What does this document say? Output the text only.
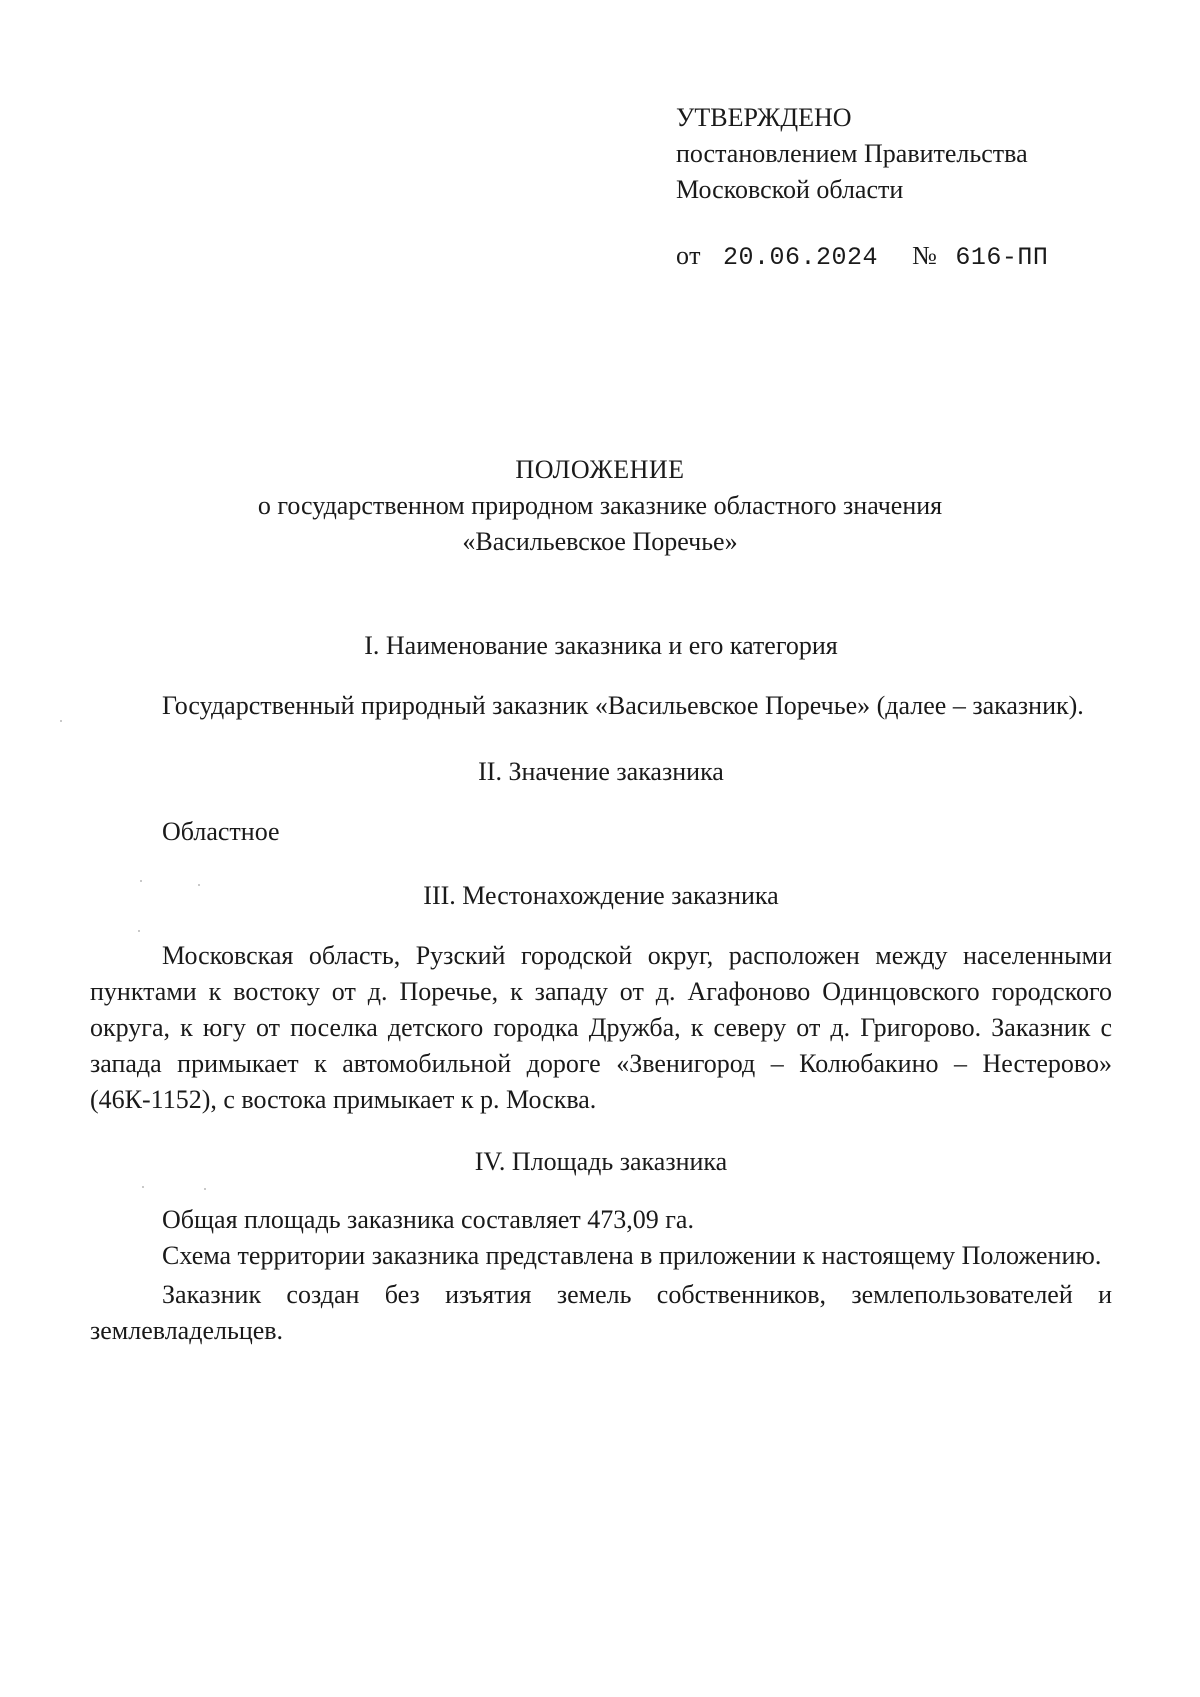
УТВЕРЖДЕНО
постановлением Правительства
Московской области
от 20.06.2024 № 616-ПП
ПОЛОЖЕНИЕ
о государственном природном заказнике областного значения
«Васильевское Поречье»
I. Наименование заказника и его категория

Государственный природный заказник «Васильевское Поречье» (далее – заказник).

II. Значение заказника

Областное

III. Местонахождение заказника

Московская область, Рузский городской округ, расположен между населенными пунктами к востоку от д. Поречье, к западу от д. Агафоново Одинцовского городского округа, к югу от поселка детского городка Дружба, к северу от д. Григорово. Заказник с запада примыкает к автомобильной дороге «Звенигород – Колюбакино – Нестерово» (46К-1152), с востока примыкает к р. Москва.

IV. Площадь заказника

Общая площадь заказника составляет 473,09 га.

Схема территории заказника представлена в приложении к настоящему Положению.

Заказник создан без изъятия земель собственников, землепользователей и землевладельцев.
